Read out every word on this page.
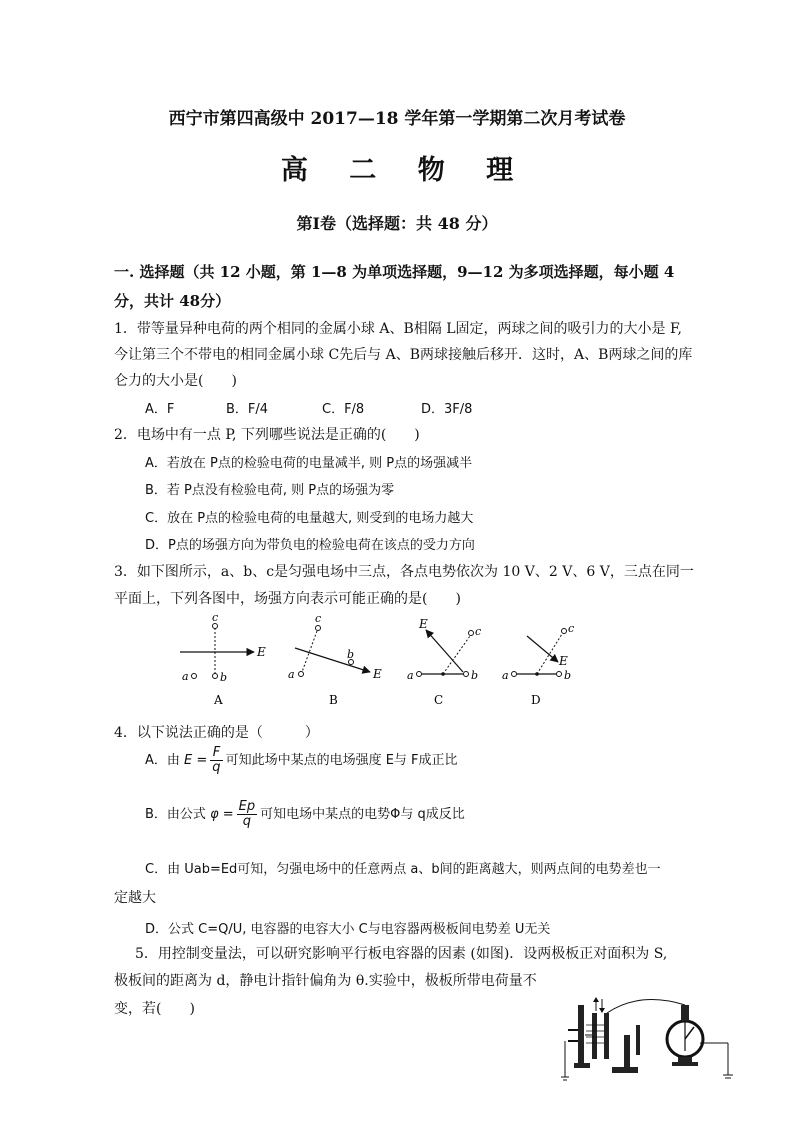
西宁市第四高级中 2017—18 学年第一学期第二次月考试卷
高 二 物 理
第Ⅰ卷（选择题：共 48 分）
一. 选择题（共 12 小题，第 1—8 为单项选择题，9—12 为多项选择题，每小题 4
分，共计 48分）
1．带等量异种电荷的两个相同的金属小球 A、B相隔 L固定，两球之间的吸引力的大小是 F,
今让第三个不带电的相同金属小球 C先后与 A、B两球接触后移开．这时，A、B两球之间的库
仑力的大小是(　　)
A．F	B．F/4	C．F/8	D．3F/8
2．电场中有一点 P, 下列哪些说法是正确的(　　)
A．若放在 P点的检验电荷的电量减半, 则 P点的场强减半
B．若 P点没有检验电荷, 则 P点的场强为零
C．放在 P点的检验电荷的电量越大, 则受到的电场力越大
D．P点的场强方向为带负电的检验电荷在该点的受力方向
3．如下图所示，a、b、c是匀强电场中三点，各点电势依次为 10 V、2 V、6 V，三点在同一
平面上，下列各图中，场强方向表示可能正确的是(　　)
c
b
a
E
A
c
b
a	E
B
c
b
a
E
C
c
b
a
E
D
4．以下说法正确的是（　　　）
A．由 $E = \frac{F}{q}$ 可知此场中某点的电场强度 E与 F成正比
B．由公式 $\varphi = \frac{Ep}{q}$ 可知电场中某点的电势Φ与 q成反比
C．由 Uab=Ed可知，匀强电场中的任意两点 a、b间的距离越大，则两点间的电势差也一
定越大
D．公式 C=Q/U, 电容器的电容大小 C与电容器两极板间电势差 U无关
5．用控制变量法，可以研究影响平行板电容器的因素 (如图)．设两极板正对面积为 S,
极板间的距离为 d，静电计指针偏角为 θ.实验中，极板所带电荷量不
变，若(　　)
